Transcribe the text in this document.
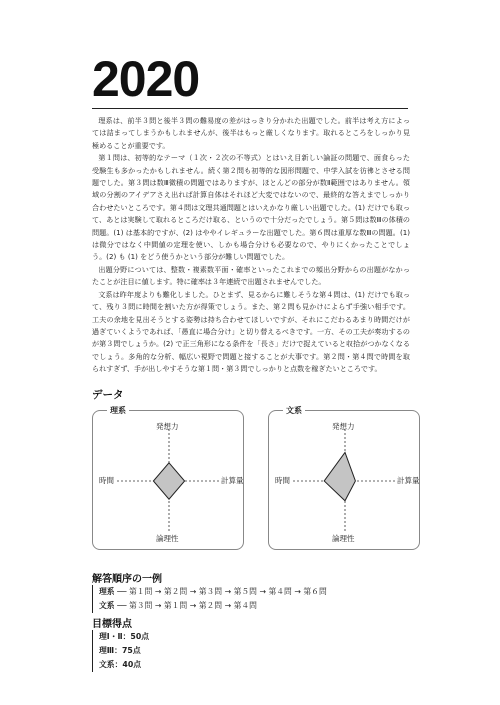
2020

理系は、前半３問と後半３問の難易度の差がはっきり分かれた出題でした。前半は考え方によっては詰まってしまうかもしれませんが、後半はもっと厳しくなります。取れるところをしっかり見極めることが重要です。

第１問は、初等的なテーマ（１次・２次の不等式）とはいえ目新しい論証の問題で、面食らった受験生も多かったかもしれません。続く第２問も初等的な図形問題で、中学入試を彷彿とさせる問題でした。第３問は数Ⅲ微積の問題ではありますが、ほとんどの部分が数Ⅱ範囲ではありません。領域の分割のアイデアさえ出れば計算自体はそれほど大変ではないので、最終的な答えまでしっかり合わせたいところです。第４問は文理共通問題とはいえかなり厳しい出題でした。(1) だけでも取って、あとは実験して取れるところだけ取る、というので十分だったでしょう。第５問は数Ⅲの体積の問題。(1) は基本的ですが、(2) はややイレギュラーな出題でした。第６問は重厚な数Ⅲの問題。(1) は微分ではなく中間値の定理を使い、しかも場合分けも必要なので、やりにくかったことでしょう。(2) も (1) をどう使うかという部分が難しい問題でした。

出題分野については、整数・複素数平面・確率といったこれまでの頻出分野からの出題がなかったことが注目に値します。特に確率は３年連続で出題されませんでした。

文系は昨年度よりも難化しました。ひとまず、見るからに難しそうな第４問は、(1) だけでも取って、残り３問に時間を割いた方が得策でしょう。また、第２問も見かけによらず手強い相手です。工夫の余地を見出そうとする姿勢は持ち合わせてほしいですが、それにこだわるあまり時間だけが過ぎていくようであれば、「愚直に場合分け」と切り替えるべきです。一方、その工夫が奏功するのが第３問でしょうか。(2) で正三角形になる条件を「長さ」だけで捉えていると収拾がつかなくなるでしょう。多角的な分析、幅広い視野で問題と接することが大事です。第２問・第４問で時間を取られすぎず、手が出しやすそうな第１問・第３問でしっかりと点数を稼ぎたいところです。

データ
理系
発想力
計算量
論理性
時間
文系
発想力
計算量
論理性
時間
解答順序の一例
理系 ── 第１問 → 第２問 → 第３問 → 第５問 → 第４問 → 第６問
文系 ── 第３問 → 第１問 → 第２問 → 第４問
目標得点
理Ⅰ・Ⅱ：50点
理Ⅲ：75点
文系：40点
